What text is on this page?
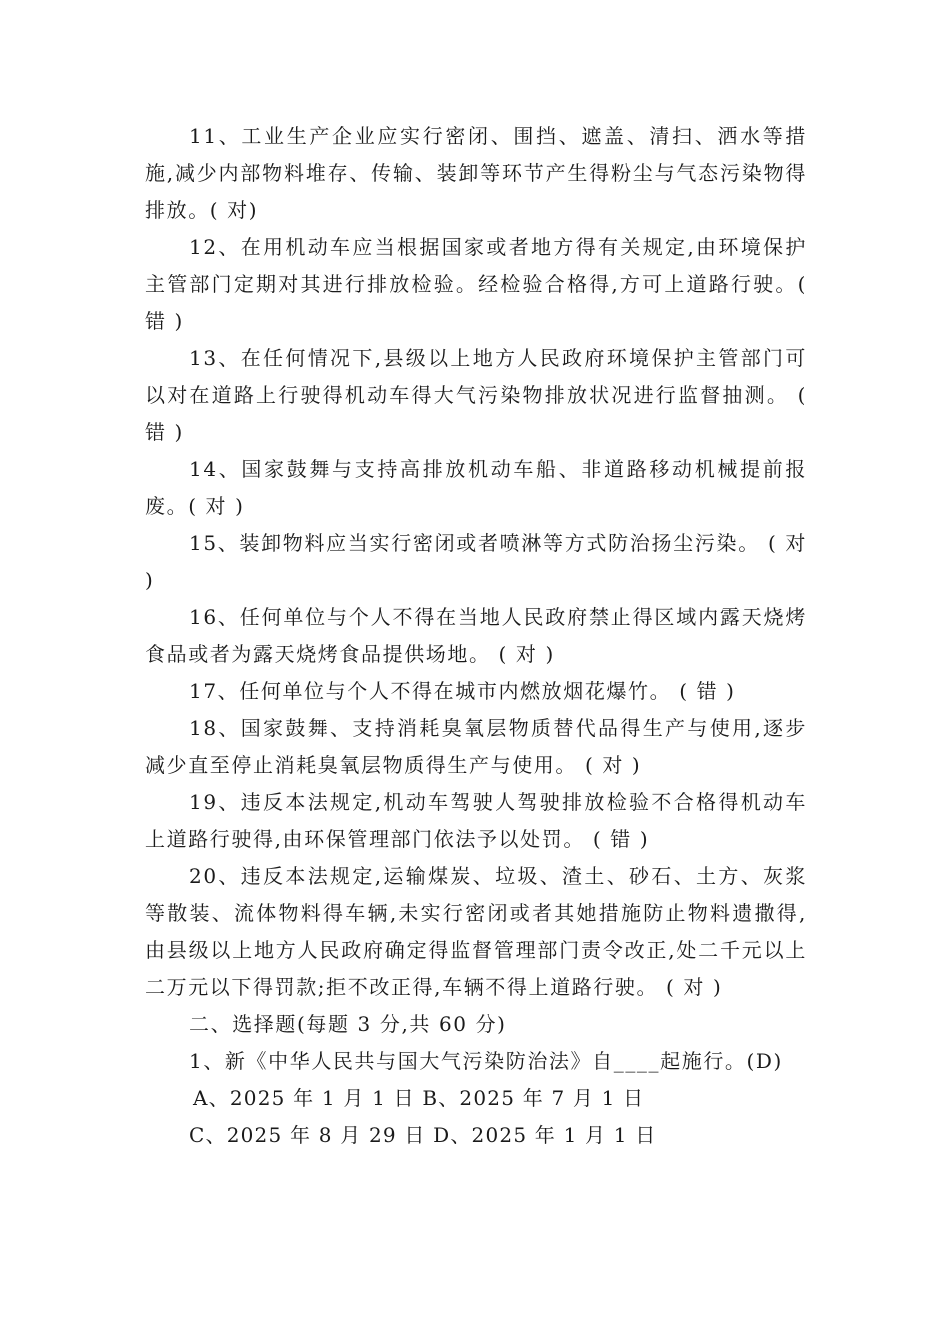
11、工业生产企业应实行密闭、围挡、遮盖、清扫、洒水等措施,减少内部物料堆存、传输、装卸等环节产生得粉尘与气态污染物得排放。( 对)

12、在用机动车应当根据国家或者地方得有关规定,由环境保护主管部门定期对其进行排放检验。经检验合格得,方可上道路行驶。( 错 )

13、在任何情况下,县级以上地方人民政府环境保护主管部门可以对在道路上行驶得机动车得大气污染物排放状况进行监督抽测。 ( 错 )

14、国家鼓舞与支持高排放机动车船、非道路移动机械提前报废。( 对 )

15、装卸物料应当实行密闭或者喷淋等方式防治扬尘污染。 ( 对 )

16、任何单位与个人不得在当地人民政府禁止得区域内露天烧烤食品或者为露天烧烤食品提供场地。 ( 对 )

17、任何单位与个人不得在城市内燃放烟花爆竹。 ( 错 )

18、国家鼓舞、支持消耗臭氧层物质替代品得生产与使用,逐步减少直至停止消耗臭氧层物质得生产与使用。 ( 对 )

19、违反本法规定,机动车驾驶人驾驶排放检验不合格得机动车上道路行驶得,由环保管理部门依法予以处罚。 ( 错 )

20、违反本法规定,运输煤炭、垃圾、渣土、砂石、土方、灰浆等散装、流体物料得车辆,未实行密闭或者其她措施防止物料遗撒得,由县级以上地方人民政府确定得监督管理部门责令改正,处二千元以上二万元以下得罚款;拒不改正得,车辆不得上道路行驶。 ( 对 )

二、选择题(每题 3 分,共 60 分)

1、新《中华人民共与国大气污染防治法》自____起施行。(D)

A、2025 年 1 月 1 日 B、2025 年 7 月 1 日

C、2025 年 8 月 29 日 D、2025 年 1 月 1 日
